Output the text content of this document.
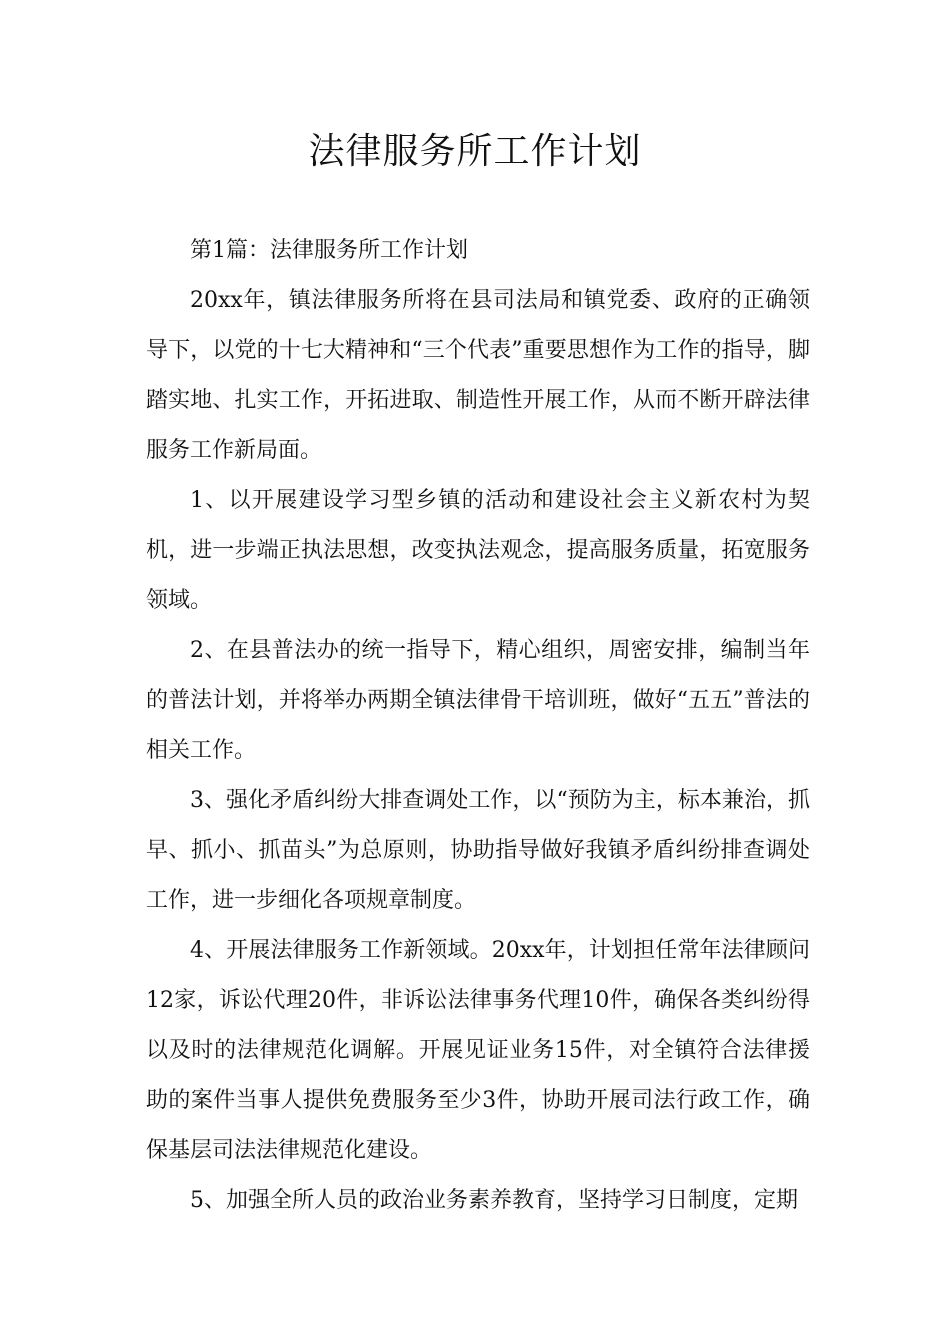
法律服务所工作计划

第1篇：法律服务所工作计划

20xx年，镇法律服务所将在县司法局和镇党委、政府的正确领导下，以党的十七大精神和“三个代表”重要思想作为工作的指导，脚踏实地、扎实工作，开拓进取、制造性开展工作，从而不断开辟法律服务工作新局面。

1、以开展建设学习型乡镇的活动和建设社会主义新农村为契机，进一步端正执法思想，改变执法观念，提高服务质量，拓宽服务领域。

2、在县普法办的统一指导下，精心组织，周密安排，编制当年的普法计划，并将举办两期全镇法律骨干培训班，做好“五五”普法的相关工作。

3、强化矛盾纠纷大排查调处工作，以“预防为主，标本兼治，抓早、抓小、抓苗头”为总原则，协助指导做好我镇矛盾纠纷排查调处工作，进一步细化各项规章制度。

4、开展法律服务工作新领域。20xx年，计划担任常年法律顾问12家，诉讼代理20件，非诉讼法律事务代理10件，确保各类纠纷得以及时的法律规范化调解。开展见证业务15件，对全镇符合法律援助的案件当事人提供免费服务至少3件，协助开展司法行政工作，确保基层司法法律规范化建设。

5、加强全所人员的政治业务素养教育，坚持学习日制度，定期
